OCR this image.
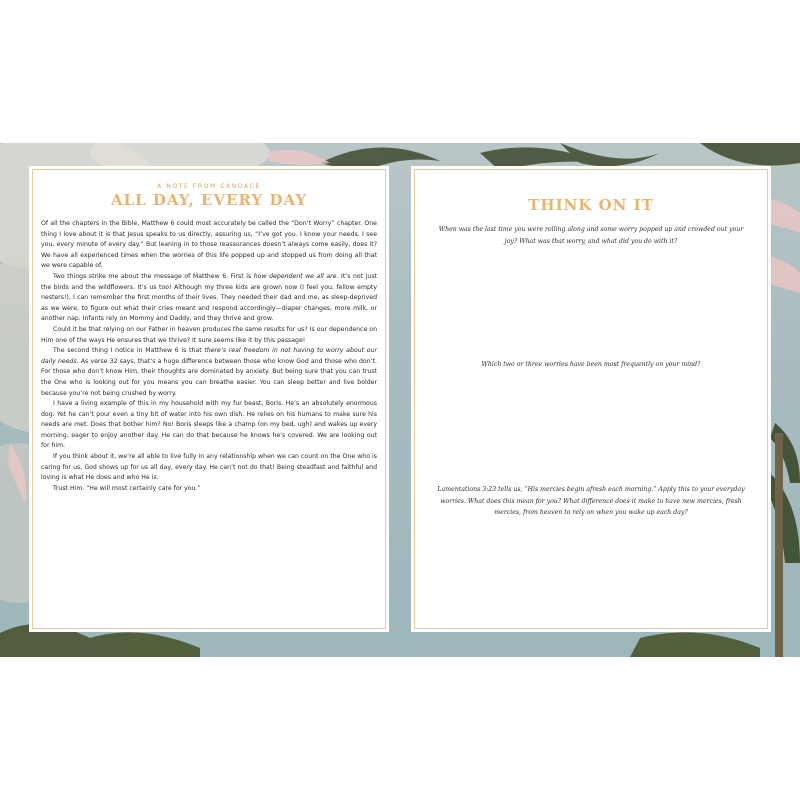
A NOTE FROM CANDACE
ALL DAY, EVERY DAY

Of all the chapters in the Bible, Matthew 6 could most accurately be called the “Don’t Worry” chapter. One thing I love about it is that Jesus speaks to us directly, assuring us, “I’ve got you. I know your needs. I see you, every minute of every day.” But leaning in to those reassurances doesn’t always come easily, does it? We have all experienced times when the worries of this life popped up and stopped us from doing all that we were capable of.

Two things strike me about the message of Matthew 6. First is how dependent we all are. It’s not just the birds and the wildflowers. It’s us too! Although my three kids are grown now (I feel you, fellow empty nesters!), I can remember the first months of their lives. They needed their dad and me, as sleep-deprived as we were, to figure out what their cries meant and respond accordingly—diaper changes, more milk, or another nap. Infants rely on Mommy and Daddy, and they thrive and grow.

Could it be that relying on our Father in heaven produces the same results for us? Is our dependence on Him one of the ways He ensures that we thrive? It sure seems like it by this passage!

The second thing I notice in Matthew 6 is that there’s real freedom in not having to worry about our daily needs. As verse 32 says, that’s a huge difference between those who know God and those who don’t. For those who don’t know Him, their thoughts are dominated by anxiety. But being sure that you can trust the One who is looking out for you means you can breathe easier. You can sleep better and live bolder because you’re not being crushed by worry.

I have a living example of this in my household with my fur beast, Boris. He’s an absolutely enormous dog. Yet he can’t pour even a tiny bit of water into his own dish. He relies on his humans to make sure his needs are met. Does that bother him? No! Boris sleeps like a champ (on my bed, ugh) and wakes up every morning, eager to enjoy another day. He can do that because he knows he’s covered. We are looking out for him.

If you think about it, we’re all able to live fully in any relationship when we can count on the One who is caring for us. God shows up for us all day, every day. He can’t not do that! Being steadfast and faithful and loving is what He does and who He is.

Trust Him. “He will most certainly care for you.”

THINK ON IT
When was the last time you were rolling along and some worry popped up and crowded out your joy? What was that worry, and what did you do with it?
Which two or three worries have been most frequently on your mind?
Lamentations 3:23 tells us, “His mercies begin afresh each morning.” Apply this to your everyday worries. What does this mean for you? What difference does it make to have new mercies, fresh mercies, from heaven to rely on when you wake up each day?
